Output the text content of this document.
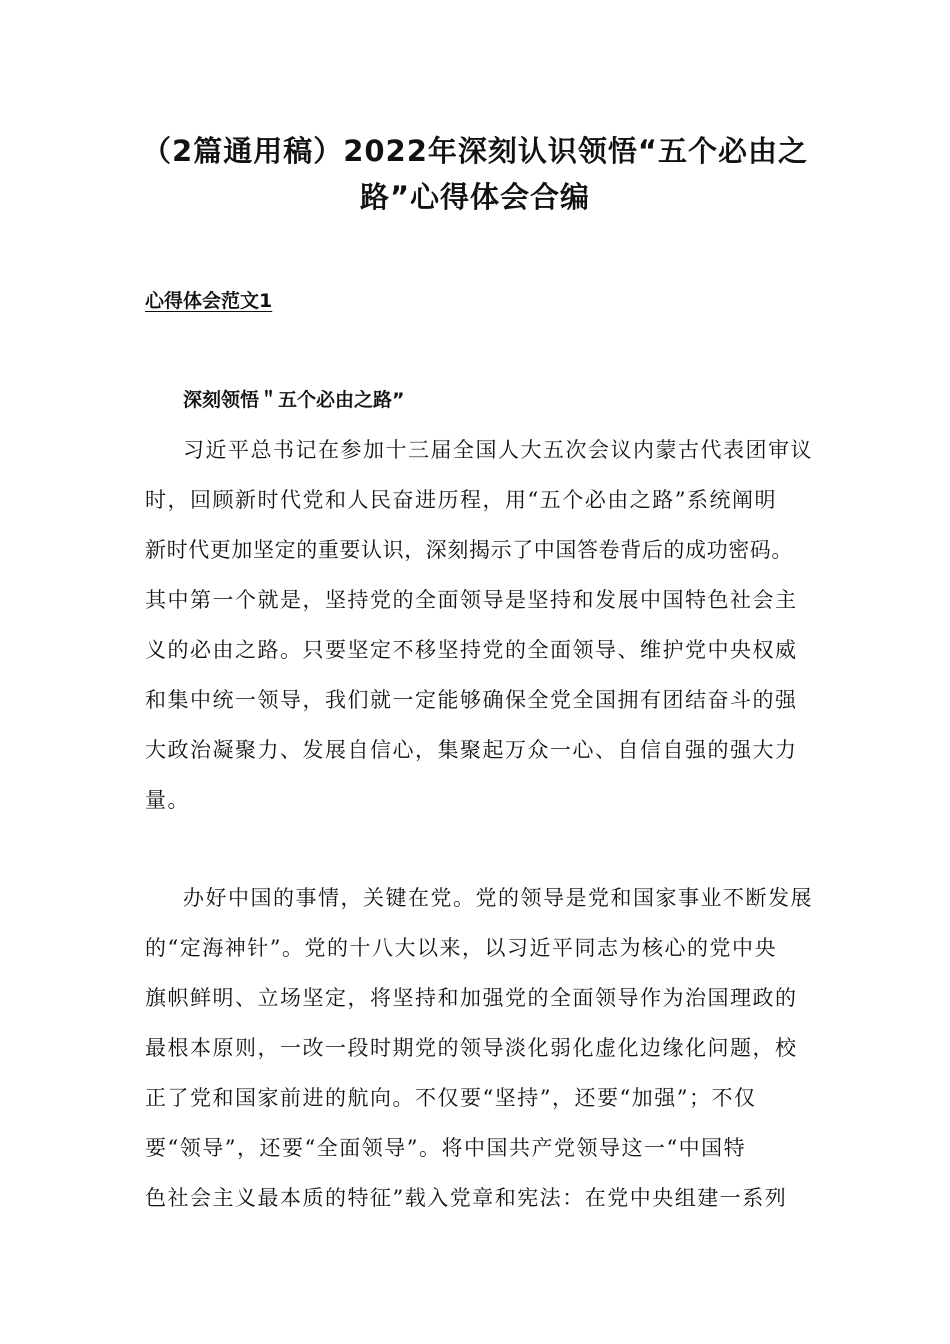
（2篇通用稿）2022年深刻认识领悟“五个必由之
路”心得体会合编
心得体会范文1
深刻领悟＂五个必由之路”
习近平总书记在参加十三届全国人大五次会议内蒙古代表团审议
时，回顾新时代党和人民奋进历程，用“五个必由之路”系统阐明
新时代更加坚定的重要认识，深刻揭示了中国答卷背后的成功密码。
其中第一个就是，坚持党的全面领导是坚持和发展中国特色社会主
义的必由之路。只要坚定不移坚持党的全面领导、维护党中央权威
和集中统一领导，我们就一定能够确保全党全国拥有团结奋斗的强
大政治凝聚力、发展自信心，集聚起万众一心、自信自强的强大力
量。
办好中国的事情，关键在党。党的领导是党和国家事业不断发展
的“定海神针”。党的十八大以来，以习近平同志为核心的党中央
旗帜鲜明、立场坚定，将坚持和加强党的全面领导作为治国理政的
最根本原则，一改一段时期党的领导淡化弱化虚化边缘化问题，校
正了党和国家前进的航向。不仅要“坚持”，还要“加强”；不仅
要“领导”，还要“全面领导”。将中国共产党领导这一“中国特
色社会主义最本质的特征”载入党章和宪法：在党中央组建一系列
